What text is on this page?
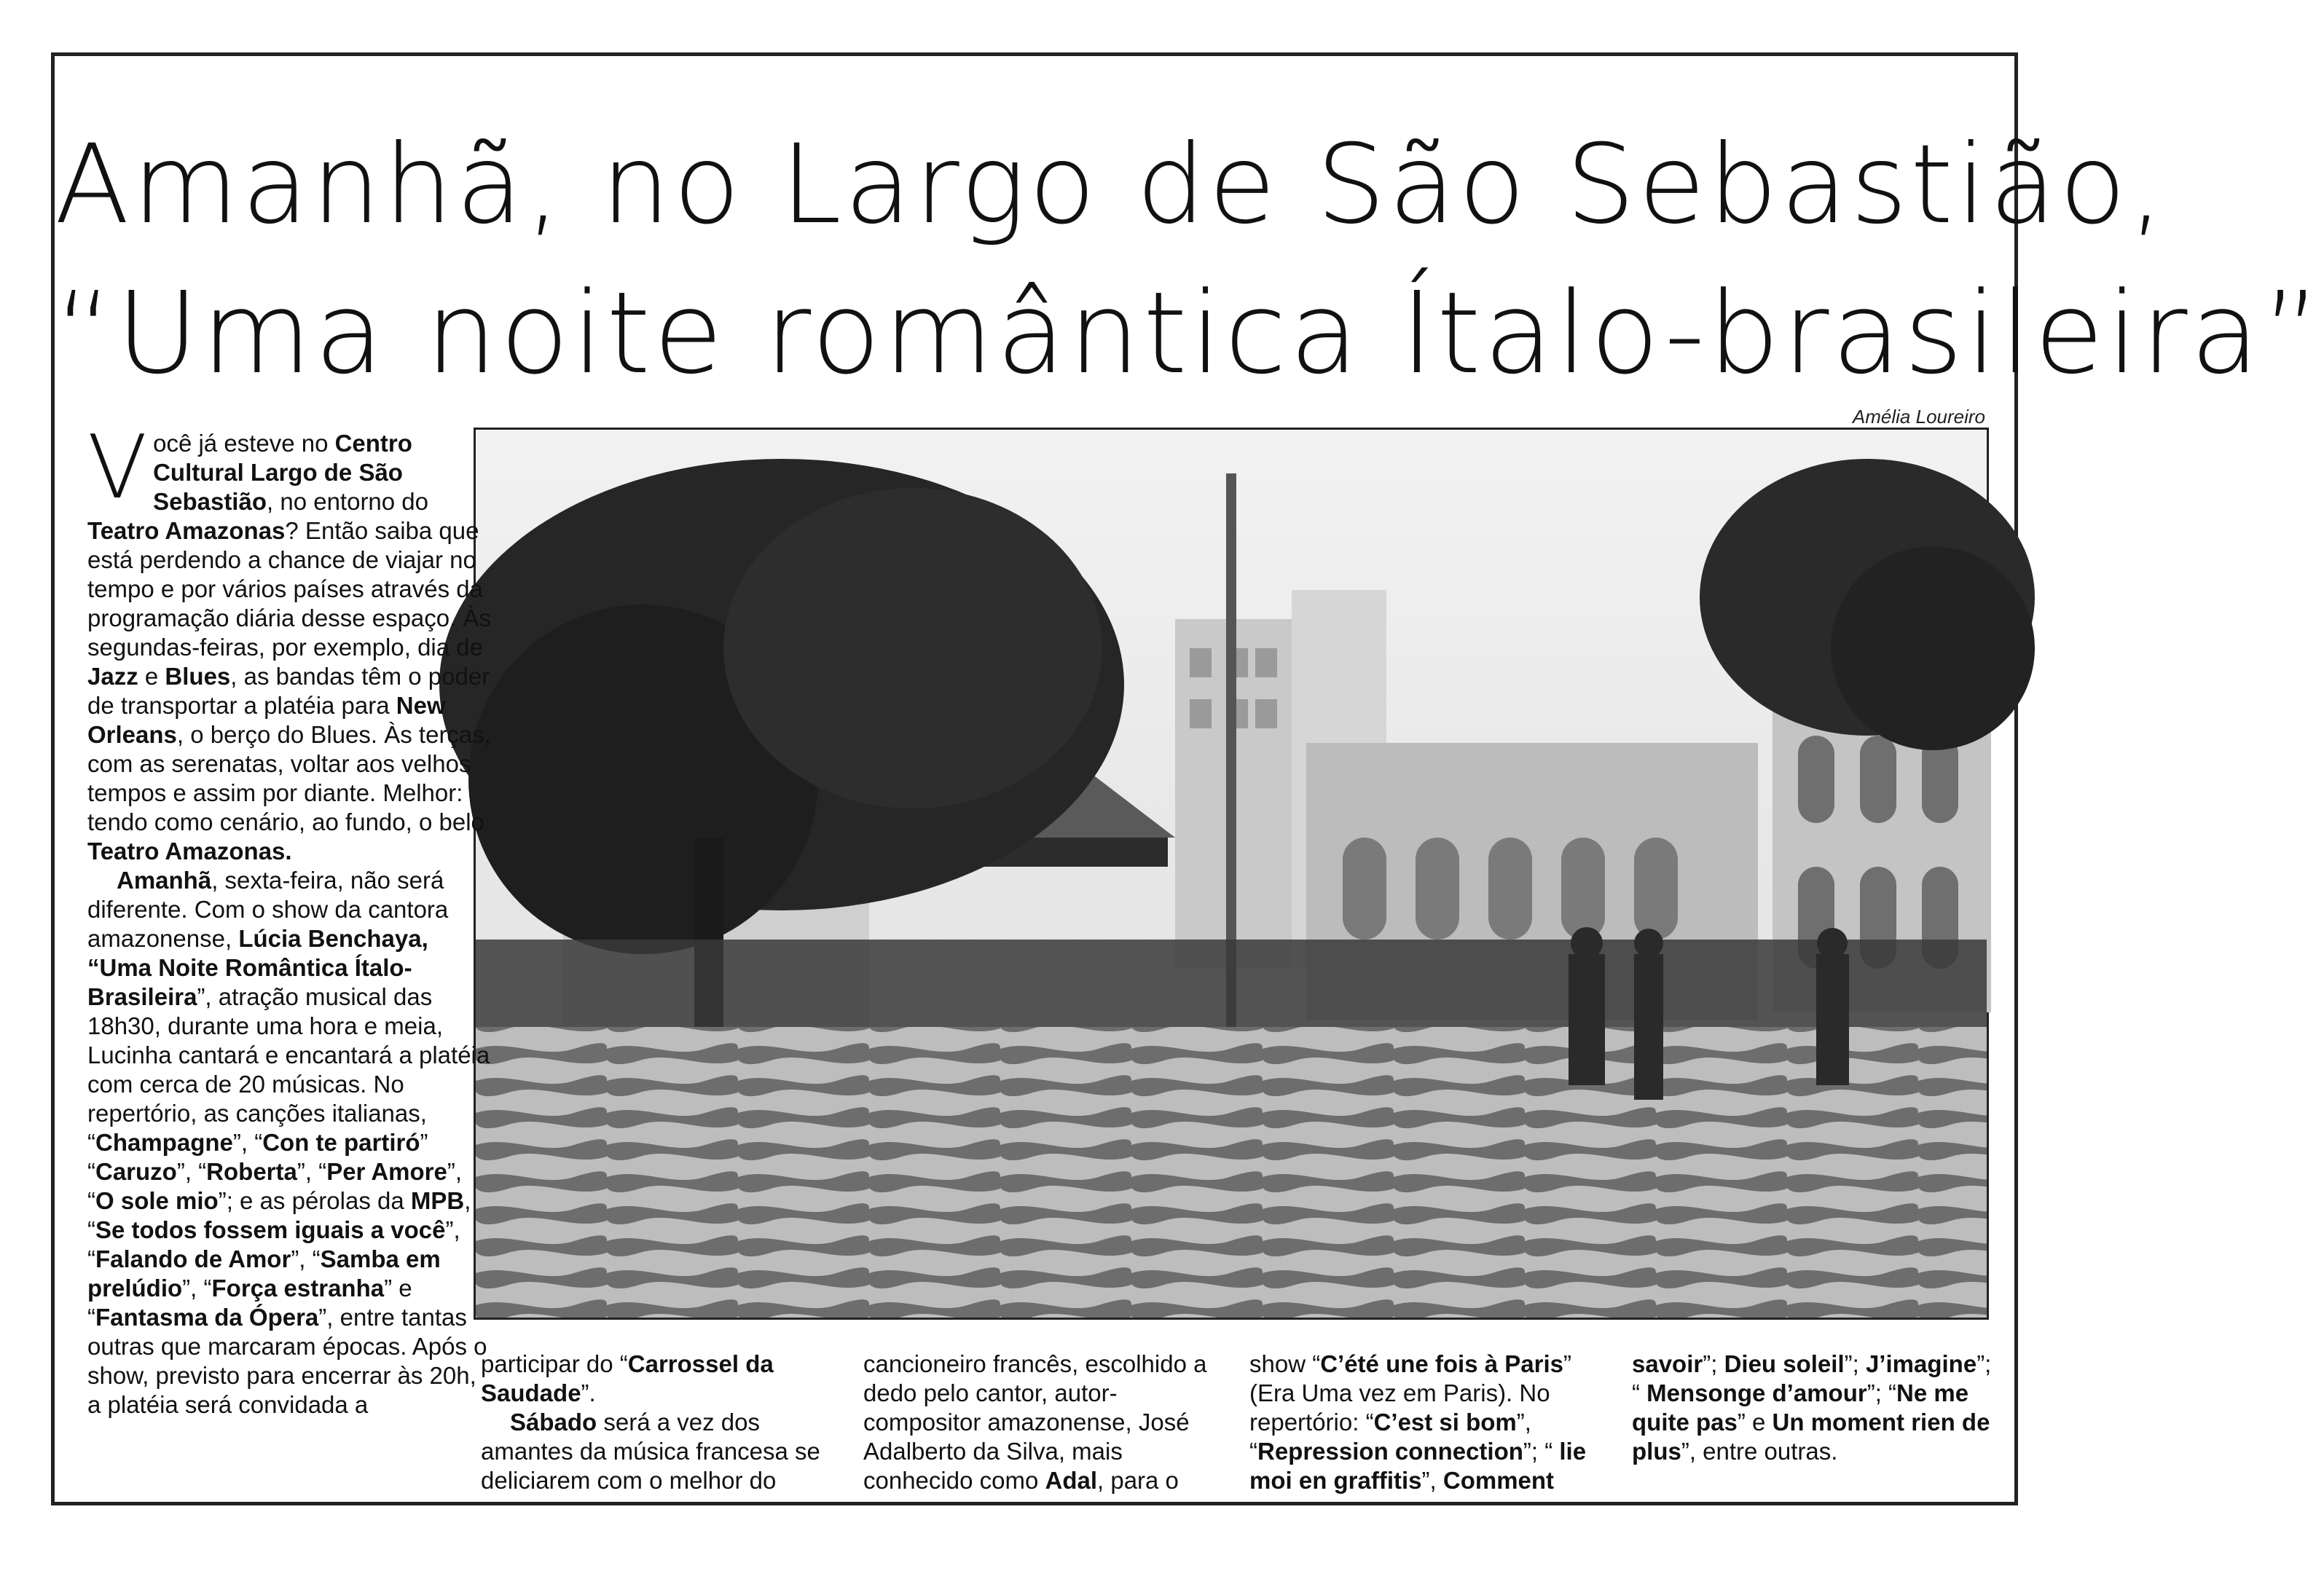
Amanhã, no Largo de São Sebastião,
“Uma noite romântica Ítalo-brasileira”
Amélia Loureiro
V ocê já esteve no Centro Cultural Largo de São Sebastião, no entorno do Teatro Amazonas? Então saiba que está perdendo a chance de viajar no tempo e por vários países através da programação diária desse espaço. Às segundas-feiras, por exemplo, dia de Jazz e Blues, as bandas têm o poder de transportar a platéia para New Orleans, o berço do Blues. Às terças, com as serenatas, voltar aos velhos tempos e assim por diante. Melhor: tendo como cenário, ao fundo, o belo Teatro Amazonas.

Amanhã, sexta-feira, não será diferente. Com o show da cantora amazonense, Lúcia Benchaya, “Uma Noite Romântica Ítalo-Brasileira”, atração musical das 18h30, durante uma hora e meia, Lucinha cantará e encantará a platéia com cerca de 20 músicas. No repertório, as canções italianas, “Champagne”, “Con te partiró” “Caruzo”, “Roberta”, “Per Amore”, “O sole mio”; e as pérolas da MPB, “Se todos fossem iguais a você”, “Falando de Amor”, “Samba em prelúdio”, “Força estranha” e “Fantasma da Ópera”, entre tantas outras que marcaram épocas. Após o show, previsto para encerrar às 20h, a platéia será convidada a

participar do “Carrossel da Saudade”.

Sábado será a vez dos amantes da música francesa se deliciarem com o melhor do

cancioneiro francês, escolhido a dedo pelo cantor, autor-compositor amazonense, José Adalberto da Silva, mais conhecido como Adal, para o

show “C’été une fois à Paris” (Era Uma vez em Paris). No repertório: “C’est si bom”, “Repression connection”; “ lie moi en graffitis”, Comment

savoir”; Dieu soleil”; J’imagine”; “ Mensonge d’amour”; “Ne me quite pas” e Un moment rien de plus”, entre outras.
